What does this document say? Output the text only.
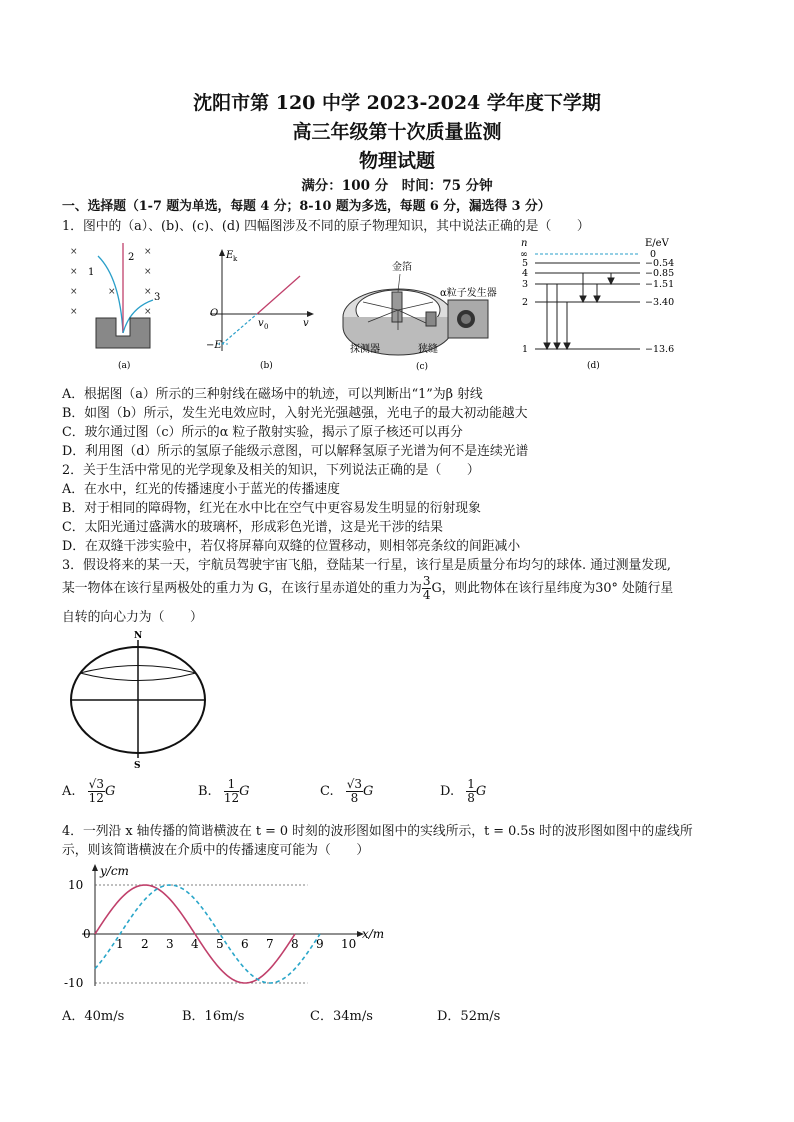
沈阳市第 120 中学 2023-2024 学年度下学期
高三年级第十次质量监测
物理试题
满分：100 分　时间：75 分钟
一、选择题（1-7 题为单选，每题 4 分；8-10 题为多选，每题 6 分，漏选得 3 分）
1．图中的（a）、(b)、(c)、(d) 四幅图涉及不同的原子物理知识，其中说法正确的是（　　）
×	×
×	×
×	×	×
×	×
1
2
3
(a)
E k
O
−E
v 0	v
(b)
金箔
α粒子发生器
探测器	狭缝
(c)
n	E/eV
∞	0
5	−0.54
4	−0.85
3	−1.51
2	−3.40
1	−13.6
(d)
A．根据图（a）所示的三种射线在磁场中的轨迹，可以判断出“1”为β 射线
B．如图（b）所示，发生光电效应时，入射光光强越强，光电子的最大初动能越大
C．玻尔通过图（c）所示的α 粒子散射实验，揭示了原子核还可以再分
D．利用图（d）所示的氢原子能级示意图，可以解释氢原子光谱为何不是连续光谱
2．关于生活中常见的光学现象及相关的知识，下列说法正确的是（　　）
A．在水中，红光的传播速度小于蓝光的传播速度
B．对于相同的障碍物，红光在水中比在空气中更容易发生明显的衍射现象
C．太阳光通过盛满水的玻璃杯，形成彩色光谱，这是光干涉的结果
D．在双缝干涉实验中，若仅将屏幕向双缝的位置移动，则相邻亮条纹的间距减小
3．假设将来的某一天，宇航员驾驶宇宙飞船，登陆某一行星，该行星是质量分布均匀的球体. 通过测量发现,
某一物体在该行星两极处的重力为 G，在该行星赤道处的重力为 $\frac{3}{4}$ G，则此物体在该行星纬度为30° 处随行星
自转的向心力为（　　）
N
S
A. $\frac{√3}{12}$ G	B. $\frac{1}{12}$ G	C. $\frac{√3}{8}$ G	D. $\frac{1}{8}$ G
4．一列沿 x 轴传播的简谐横波在 t = 0 时刻的波形图如图中的实线所示，t = 0.5s 时的波形图如图中的虚线所
示，则该简谐横波在介质中的传播速度可能为（　　）
y/cm
x/m
0
1 2 3 4 5 6 7 8 9 10
10
-10
A．40m/s	B．16m/s	C．34m/s	D．52m/s
